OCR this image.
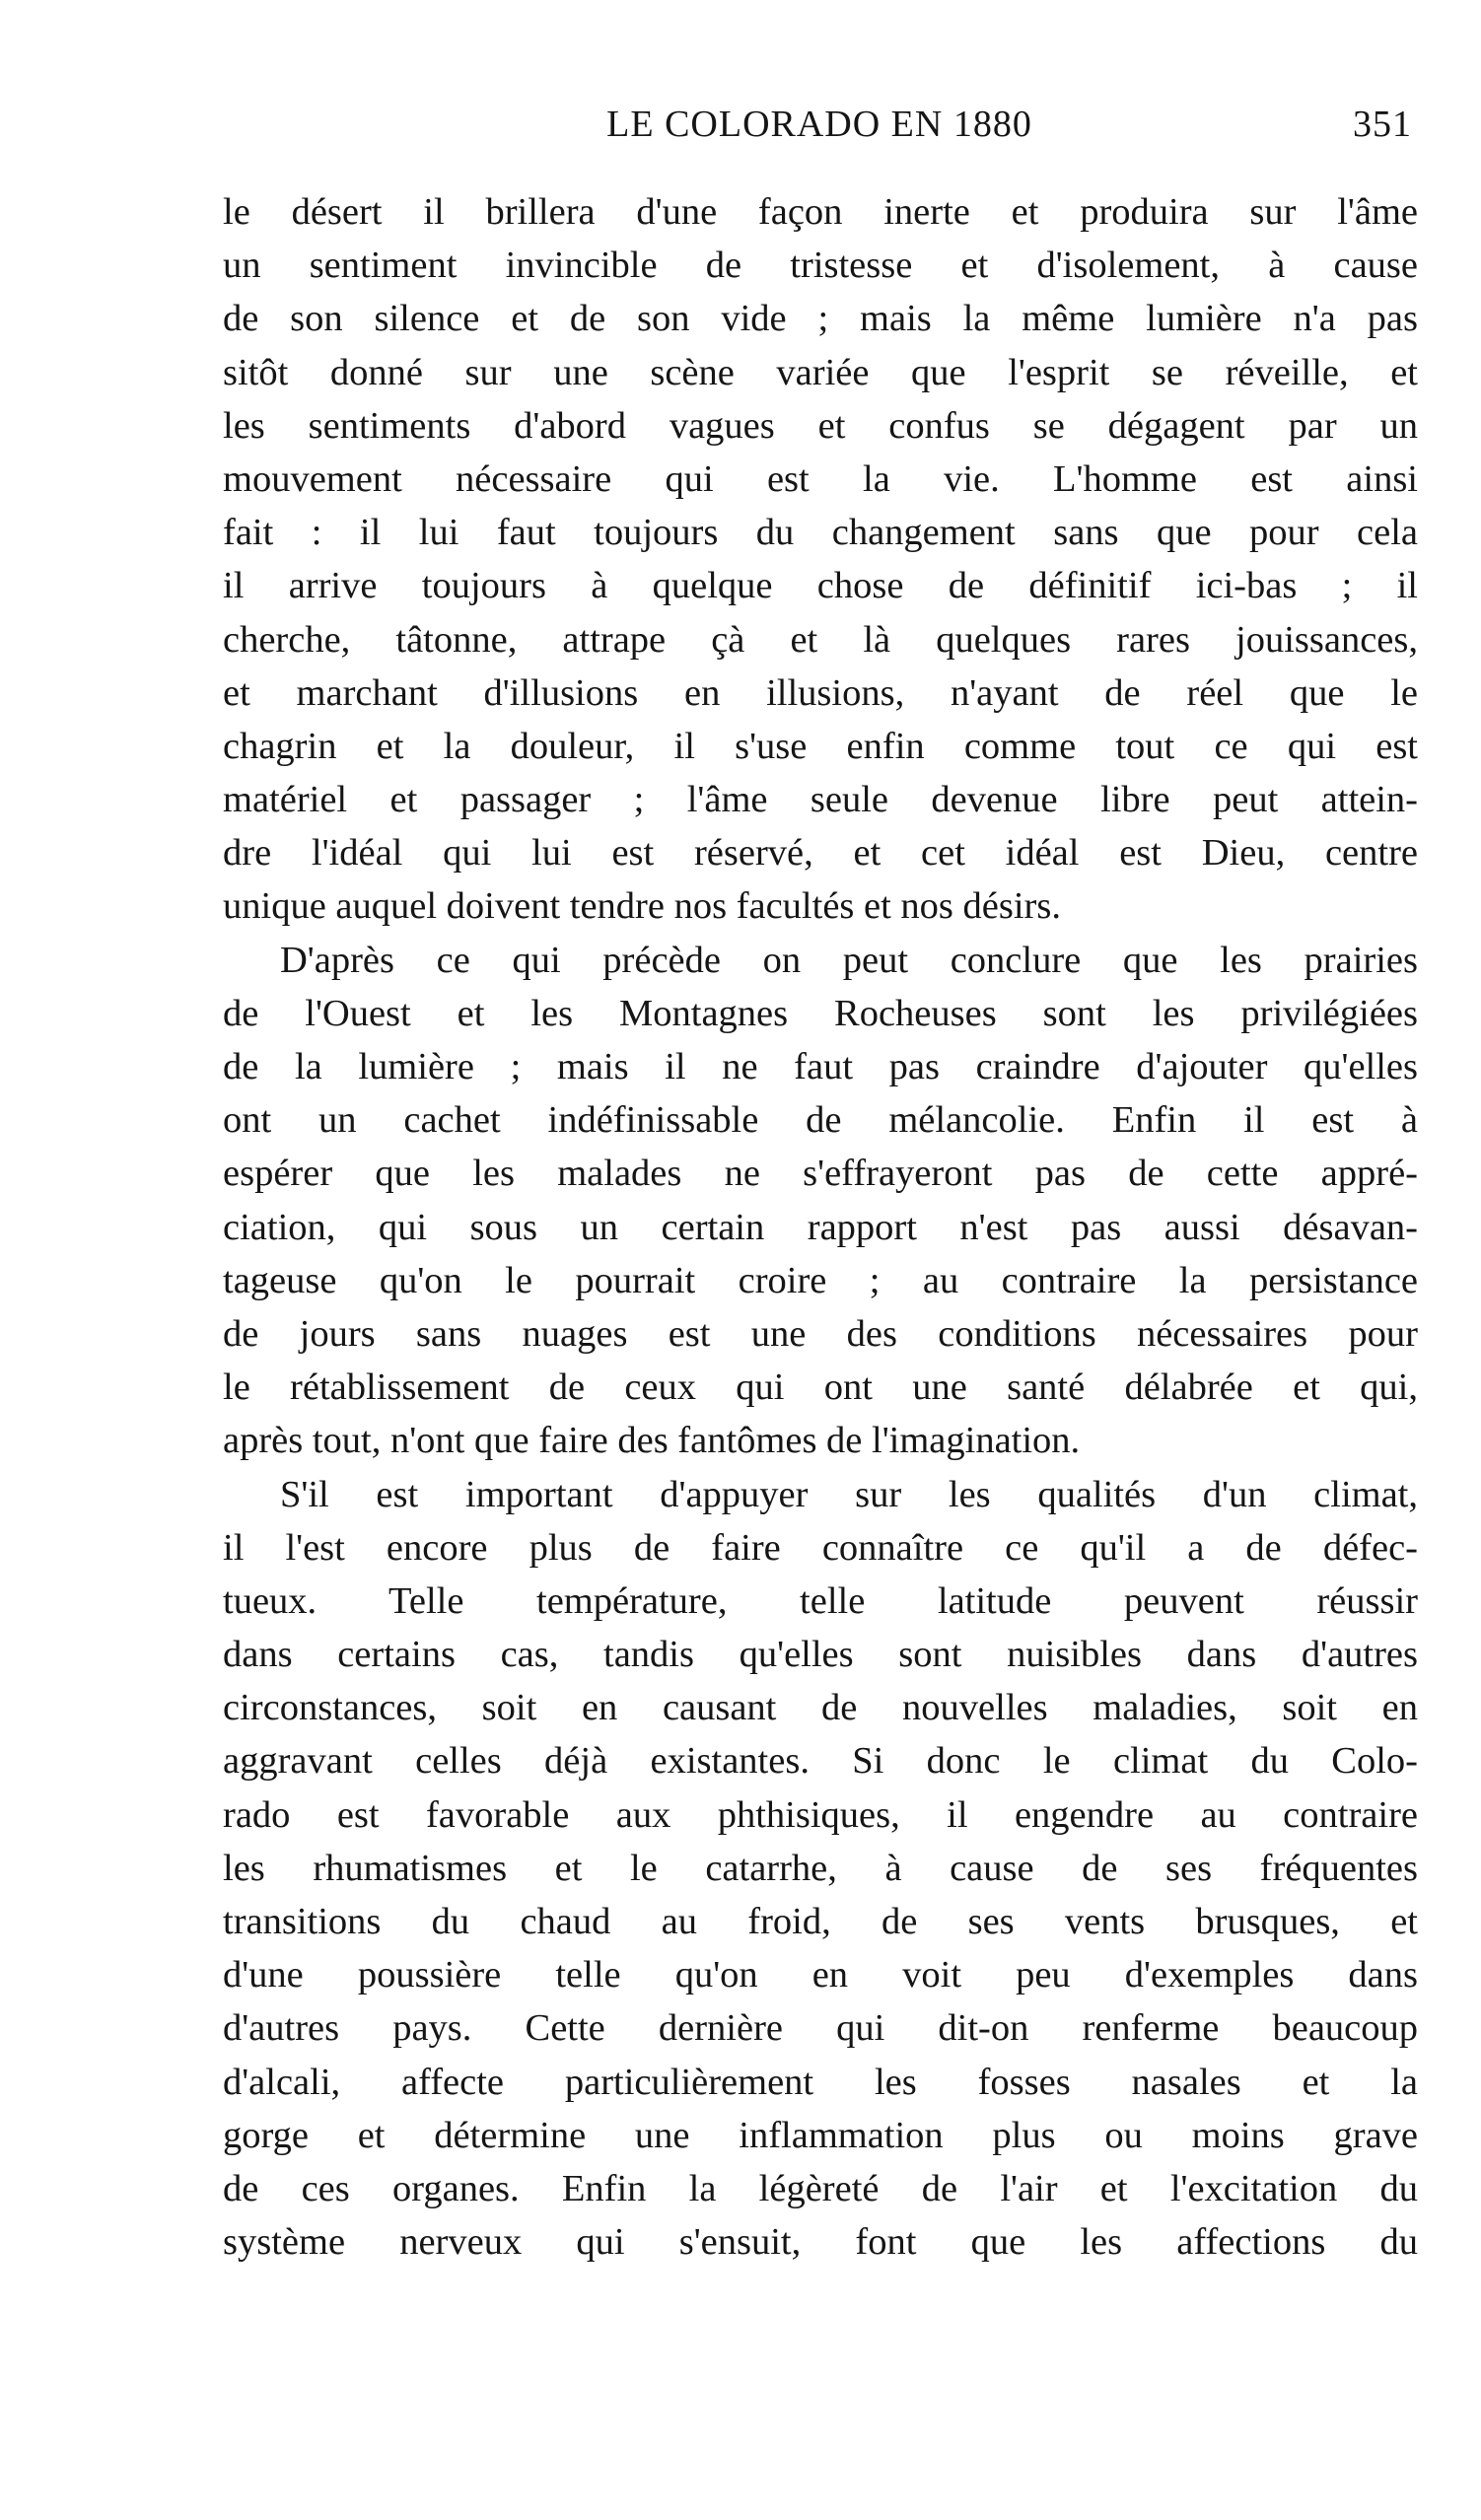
LE COLORADO EN 1880	351
le désert il brillera d'une façon inerte et produira sur l'âme
un sentiment invincible de tristesse et d'isolement, à cause
de son silence et de son vide ; mais la même lumière n'a pas
sitôt donné sur une scène variée que l'esprit se réveille, et
les sentiments d'abord vagues et confus se dégagent par un
mouvement nécessaire qui est la vie. L'homme est ainsi
fait : il lui faut toujours du changement sans que pour cela
il arrive toujours à quelque chose de définitif ici-bas ; il
cherche, tâtonne, attrape çà et là quelques rares jouissances,
et marchant d'illusions en illusions, n'ayant de réel que le
chagrin et la douleur, il s'use enfin comme tout ce qui est
matériel et passager ; l'âme seule devenue libre peut attein-
dre l'idéal qui lui est réservé, et cet idéal est Dieu, centre
unique auquel doivent tendre nos facultés et nos désirs.
D'après ce qui précède on peut conclure que les prairies
de l'Ouest et les Montagnes Rocheuses sont les privilégiées
de la lumière ; mais il ne faut pas craindre d'ajouter qu'elles
ont un cachet indéfinissable de mélancolie. Enfin il est à
espérer que les malades ne s'effrayeront pas de cette appré-
ciation, qui sous un certain rapport n'est pas aussi désavan-
tageuse qu'on le pourrait croire ; au contraire la persistance
de jours sans nuages est une des conditions nécessaires pour
le rétablissement de ceux qui ont une santé délabrée et qui,
après tout, n'ont que faire des fantômes de l'imagination.
S'il est important d'appuyer sur les qualités d'un climat,
il l'est encore plus de faire connaître ce qu'il a de défec-
tueux. Telle température, telle latitude peuvent réussir
dans certains cas, tandis qu'elles sont nuisibles dans d'autres
circonstances, soit en causant de nouvelles maladies, soit en
aggravant celles déjà existantes. Si donc le climat du Colo-
rado est favorable aux phthisiques, il engendre au contraire
les rhumatismes et le catarrhe, à cause de ses fréquentes
transitions du chaud au froid, de ses vents brusques, et
d'une poussière telle qu'on en voit peu d'exemples dans
d'autres pays. Cette dernière qui dit-on renferme beaucoup
d'alcali, affecte particulièrement les fosses nasales et la
gorge et détermine une inflammation plus ou moins grave
de ces organes. Enfin la légèreté de l'air et l'excitation du
système nerveux qui s'ensuit, font que les affections du
